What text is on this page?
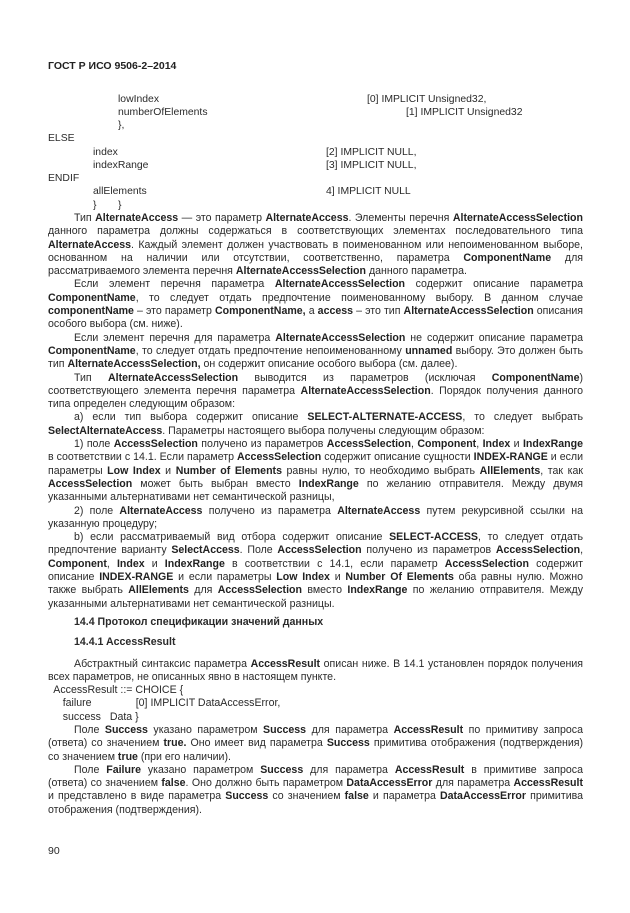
ГОСТ Р ИСО 9506-2–2014
lowIndex	[0] IMPLICIT Unsigned32,
numberOfElements	[1] IMPLICIT Unsigned32
},
ELSE
index	[2] IMPLICIT NULL,
indexRange	[3] IMPLICIT NULL,
ENDIF
allElements	4] IMPLICIT NULL
} }

Тип AlternateAccess — это параметр AlternateAccess. Элементы перечня AlternateAccessSelection данного параметра должны содержаться в соответствующих элементах последовательного типа AlternateAccess. Каждый элемент должен участвовать в поименованном или непоименованном выборе, основанном на наличии или отсутствии, соответственно, параметра ComponentName для рассматриваемого элемента перечня AlternateAccessSelection данного параметра.

Если элемент перечня параметра AlternateAccessSelection содержит описание параметра ComponentName, то следует отдать предпочтение поименованному выбору. В данном случае componentName – это параметр ComponentName, а access – это тип AlternateAccessSelection описания особого выбора (см. ниже).

Если элемент перечня для параметра AlternateAccessSelection не содержит описание параметра ComponentName, то следует отдать предпочтение непоименованному unnamed выбору. Это должен быть тип AlternateAccessSelection, он содержит описание особого выбора (см. далее).

Тип AlternateAccessSelection выводится из параметров (исключая ComponentName) соответствующего элемента перечня параметра AlternateAccessSelection. Порядок получения данного типа определен следующим образом:

а) если тип выбора содержит описание SELECT-ALTERNATE-ACCESS, то следует выбрать SelectAlternateAccess. Параметры настоящего выбора получены следующим образом:

1) поле AccessSelection получено из параметров AccessSelection, Component, Index и IndexRange в соответствии с 14.1. Если параметр AccessSelection содержит описание сущности INDEX-RANGE и если параметры Low Index и Number of Elements равны нулю, то необходимо выбрать AllElements, так как AccessSelection может быть выбран вместо IndexRange по желанию отправителя. Между двумя указанными альтернативами нет семантической разницы,

2) поле AlternateAccess получено из параметра AlternateAccess путем рекурсивной ссылки на указанную процедуру;

b) если рассматриваемый вид отбора содержит описание SELECT-ACCESS, то следует отдать предпочтение варианту SelectAccess. Поле AccessSelection получено из параметров AccessSelection, Component, Index и IndexRange в соответствии с 14.1, если параметр AccessSelection содержит описание INDEX-RANGE и если параметры Low Index и Number Of Elements оба равны нулю. Можно также выбрать AllElements для AccessSelection вместо IndexRange по желанию отправителя. Между указанными альтернативами нет семантической разницы.

14.4 Протокол спецификации значений данных

14.4.1 AccessResult

Абстрактный синтаксис параметра AccessResult описан ниже. В 14.1 установлен порядок получения всех параметров, не описанных явно в настоящем пункте.

AccessResult ::= CHOICE {
failure               [0] IMPLICIT DataAccessError,
success   Data }

Поле Success указано параметром Success для параметра AccessResult по примитиву запроса (ответа) со значением true. Оно имеет вид параметра Success примитива отображения (подтверждения) со значением true (при его наличии).

Поле Failure указано параметром Success для параметра AccessResult в примитиве запроса (ответа) со значением false. Оно должно быть параметром DataAccessError для параметра AccessResult и представлено в виде параметра Success со значением false и параметра DataAccessError примитива отображения (подтверждения).

90
